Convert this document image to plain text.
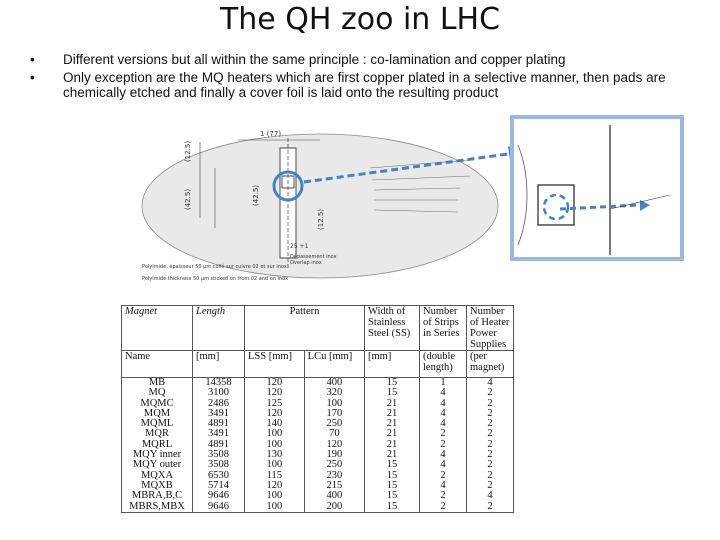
The QH zoo in LHC
• Different versions but all within the same principle : co-lamination and copper plating
• Only exception are the MQ heaters which are first copper plated in a selective manner, then pads are chemically etched and finally a cover foil is laid onto the resulting product
1 (77)
(12.5)
(42.5)	(42.5)
(12.5)
25 +1
Dépassement inox
Overlap inox
Polyimide: épaisseur 50 µm collé sur cuivre 02 et sur inox
Polyimide thickness 50 µm sticked on from 02 and on inox
Magnet	Length	Pattern		Width of Stainless Steel (SS)	Number of Strips in Series	Number of Heater Power Supplies
Name	[mm]	LSS [mm]	LCu [mm]	[mm]	(double length)	(per magnet)
MB	14358	120	400	15	1	4
MQ	3100	120	320	15	4	2
MQMC	2486	125	100	21	4	2
MQM	3491	120	170	21	4	2
MQML	4891	140	250	21	4	2
MQR	3491	100	70	21	2	2
MQRL	4891	100	120	21	2	2
MQY inner	3508	130	190	21	4	2
MQY outer	3508	100	250	15	4	2
MQXA	6530	115	230	15	2	2
MQXB	5714	120	215	15	4	2
MBRA,B,C	9646	100	400	15	2	4
MBRS,MBX	9646	100	200	15	2	2
